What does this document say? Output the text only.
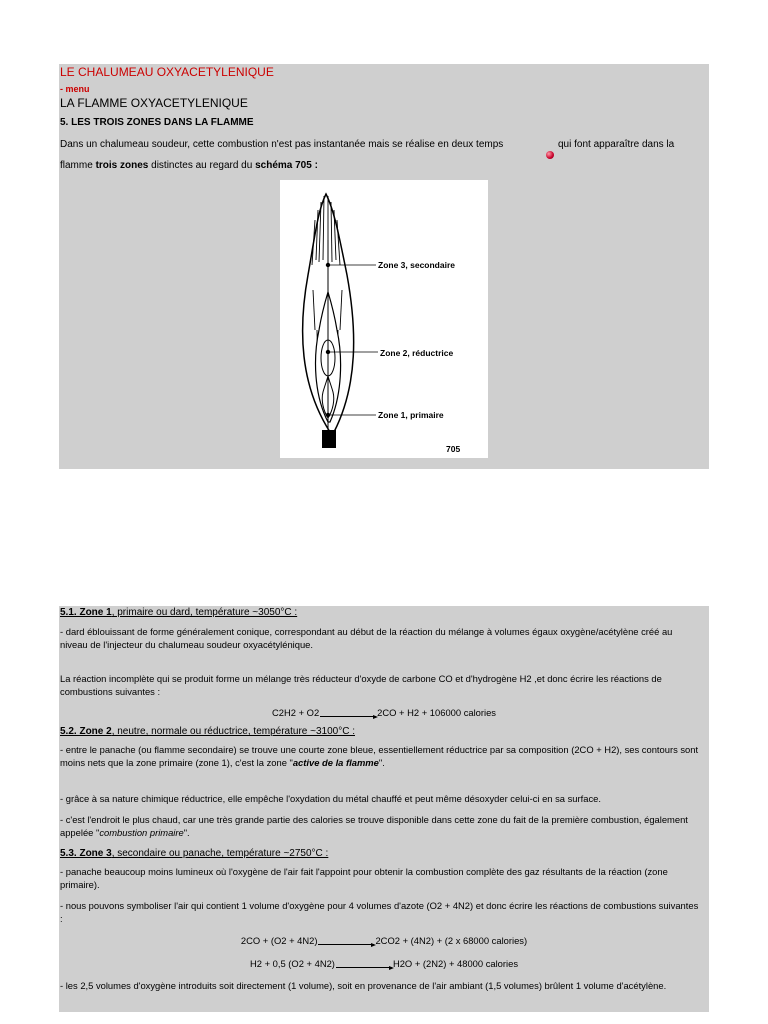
LE CHALUMEAU OXYACETYLENIQUE
- menu
LA FLAMME OXYACETYLENIQUE
5. LES TROIS ZONES DANS LA FLAMME
Dans un chalumeau soudeur, cette combustion n'est pas instantanée mais se réalise en deux temps	qui font apparaître dans la
flamme trois zones distinctes au regard du schéma 705 :
Zone 3, secondaire
Zone 2, réductrice
Zone 1, primaire
705
5.1. Zone 1, primaire ou dard, température ~3050°C :
- dard éblouissant de forme généralement conique, correspondant au début de la réaction du mélange à volumes égaux oxygène/acétylène créé au niveau de l'injecteur du chalumeau soudeur oxyacétylénique.
La réaction incomplète qui se produit forme un mélange très réducteur d'oxyde de carbone CO et d'hydrogène H2 ,et donc écrire les réactions de combustions suivantes :
C2H2 + O2	2CO + H2 + 106000 calories
5.2. Zone 2, neutre, normale ou réductrice, température ~3100°C :
- entre le panache (ou flamme secondaire) se trouve une courte zone bleue, essentiellement réductrice par sa composition (2CO + H2), ses contours sont moins nets que la zone primaire (zone 1), c'est la zone "active de la flamme".
- grâce à sa nature chimique réductrice, elle empêche l'oxydation du métal chauffé et peut même désoxyder celui-ci en sa surface.
- c'est l'endroit le plus chaud, car une très grande partie des calories se trouve disponible dans cette zone du fait de la première combustion, également appelée "combustion primaire".
5.3. Zone 3, secondaire ou panache, température ~2750°C :
- panache beaucoup moins lumineux où l'oxygène de l'air fait l'appoint pour obtenir la combustion complète des gaz résultants de la réaction (zone primaire).
- nous pouvons symboliser l'air qui contient 1 volume d'oxygène pour 4 volumes d'azote (O2 + 4N2) et donc écrire les réactions de combustions suivantes :
2CO + (O2 + 4N2)	2CO2 + (4N2) + (2 x 68000 calories)
H2 + 0,5 (O2 + 4N2)	H2O + (2N2) + 48000 calories
- les 2,5 volumes d'oxygène introduits soit directement (1 volume), soit en provenance de l'air ambiant (1,5 volumes) brûlent 1 volume d'acétylène.
